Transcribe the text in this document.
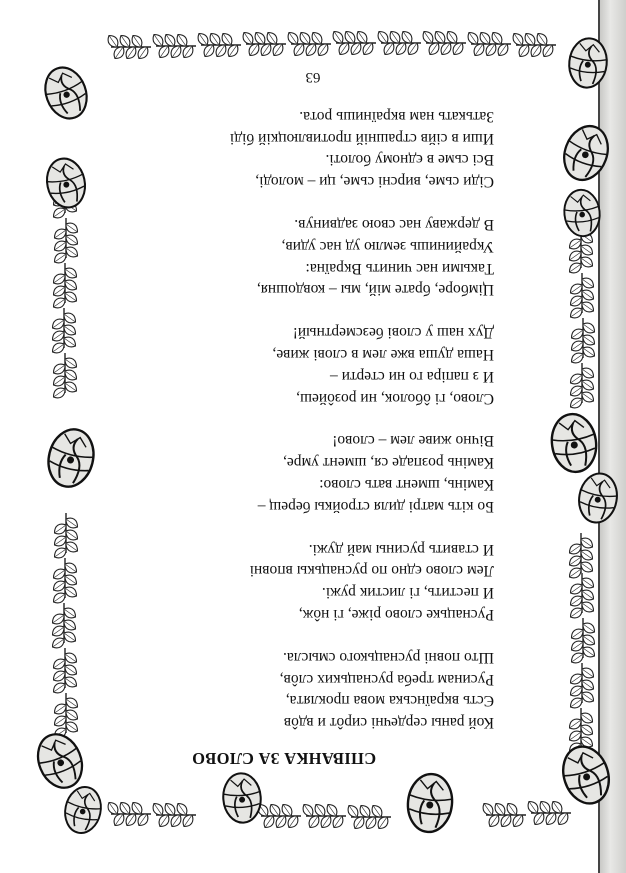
СПІВАНКА ЗА СЛОВО
Кой раны сердечні сирôт и вдôв
Єсть вкраїнська мова проклята,
Русинам треба руснацьких слôв,
Што повні руснацького смысла.
Руснацьке слово ріже, гі нôж,
И пестить, гі листик ружі.
Лем слово єдно по руснацькы вповні
И ставить русины май дужі.
Бо кіть матрі диля стройкы берещ –
Камінь, шмент вать слово:
Камінь розпаде ся, шмент умре,
Вічно живе лем – слово!
Слово, гі ôболок, ни розôйеш,
И з папіра го ни стерти –
Наша душа вже лем в слові живе,
Дух наш у слові безсмертный!
Цімборе, брате мій, мы – ковдошня,
Такыми нас чинить Вкраїна:
Украйинишь землю уд нас удив,
В державу нас свою задвинув.
Сіди сьме, вирсні сьме, ци – молоді,
Всі сьме в єдному болоті.
Иши в сійв страшній противлюцкій біді
Затькать нам вкраїнишь рота.
63
